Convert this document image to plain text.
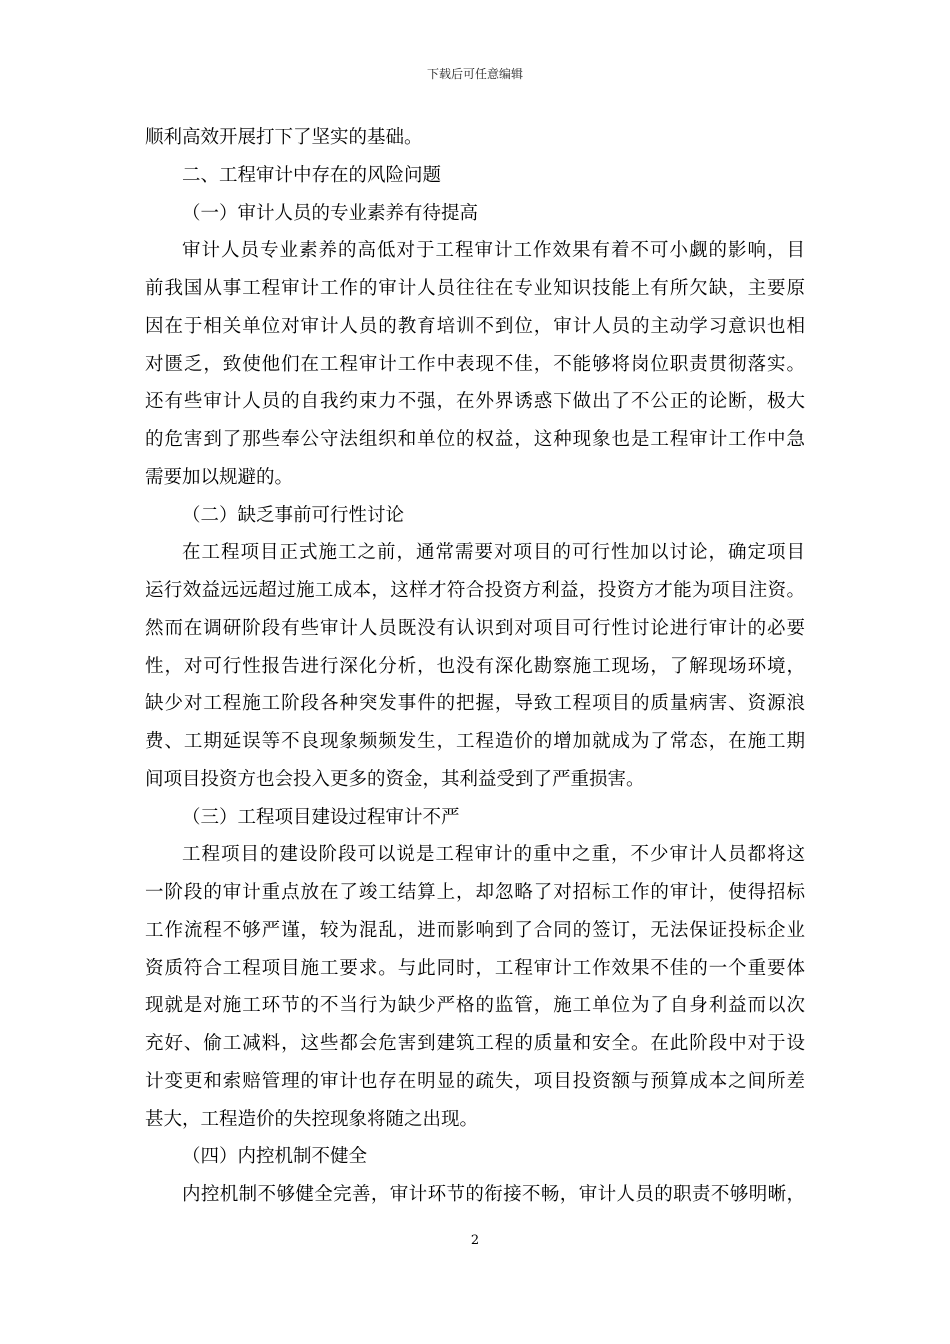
下载后可任意编辑
顺利高效开展打下了坚实的基础。
二、工程审计中存在的风险问题
（一）审计人员的专业素养有待提高
审计人员专业素养的高低对于工程审计工作效果有着不可小觑的影响，目
前我国从事工程审计工作的审计人员往往在专业知识技能上有所欠缺，主要原
因在于相关单位对审计人员的教育培训不到位，审计人员的主动学习意识也相
对匮乏，致使他们在工程审计工作中表现不佳，不能够将岗位职责贯彻落实。
还有些审计人员的自我约束力不强，在外界诱惑下做出了不公正的论断，极大
的危害到了那些奉公守法组织和单位的权益，这种现象也是工程审计工作中急
需要加以规避的。
（二）缺乏事前可行性讨论
在工程项目正式施工之前，通常需要对项目的可行性加以讨论，确定项目
运行效益远远超过施工成本，这样才符合投资方利益，投资方才能为项目注资。
然而在调研阶段有些审计人员既没有认识到对项目可行性讨论进行审计的必要
性，对可行性报告进行深化分析，也没有深化勘察施工现场，了解现场环境，
缺少对工程施工阶段各种突发事件的把握，导致工程项目的质量病害、资源浪
费、工期延误等不良现象频频发生，工程造价的增加就成为了常态，在施工期
间项目投资方也会投入更多的资金，其利益受到了严重损害。
（三）工程项目建设过程审计不严
工程项目的建设阶段可以说是工程审计的重中之重，不少审计人员都将这
一阶段的审计重点放在了竣工结算上，却忽略了对招标工作的审计，使得招标
工作流程不够严谨，较为混乱，进而影响到了合同的签订，无法保证投标企业
资质符合工程项目施工要求。与此同时，工程审计工作效果不佳的一个重要体
现就是对施工环节的不当行为缺少严格的监管，施工单位为了自身利益而以次
充好、偷工减料，这些都会危害到建筑工程的质量和安全。在此阶段中对于设
计变更和索赔管理的审计也存在明显的疏失，项目投资额与预算成本之间所差
甚大，工程造价的失控现象将随之出现。
（四）内控机制不健全
内控机制不够健全完善，审计环节的衔接不畅，审计人员的职责不够明晰，
2
